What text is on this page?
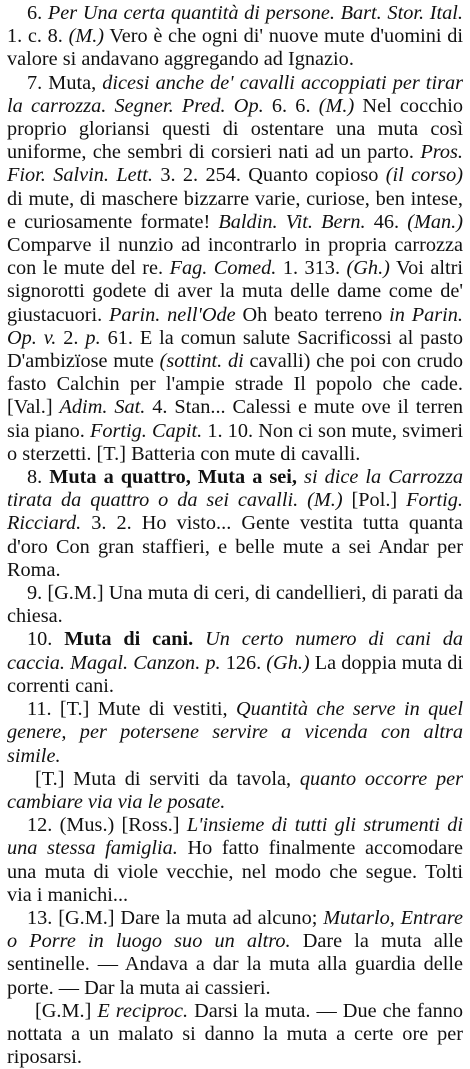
6. Per Una certa quantità di persone. Bart. Stor. Ital. 1. c. 8. (M.) Vero è che ogni di' nuove mute d'uomini di valore si andavano aggregando ad Ignazio.

7. Muta, dicesi anche de' cavalli accoppiati per tirar la carrozza. Segner. Pred. Op. 6. 6. (M.) Nel cocchio proprio gloriansi questi di ostentare una muta così uniforme, che sembri di corsieri nati ad un parto. Pros. Fior. Salvin. Lett. 3. 2. 254. Quanto copioso (il corso) di mute, di maschere bizzarre varie, curiose, ben intese, e curiosamente formate! Baldin. Vit. Bern. 46. (Man.) Comparve il nunzio ad incontrarlo in propria carrozza con le mute del re. Fag. Comed. 1. 313. (Gh.) Voi altri signorotti godete di aver la muta delle dame come de' giustacuori. Parin. nell'Ode Oh beato terreno in Parin. Op. v. 2. p. 61. E la comun salute Sacrificossi al pasto D'ambizïose mute (sottint. di cavalli) che poi con crudo fasto Calchin per l'ampie strade Il popolo che cade. [Val.] Adim. Sat. 4. Stan... Calessi e mute ove il terren sia piano. Fortig. Capit. 1. 10. Non ci son mute, svimeri o sterzetti. [T.] Batteria con mute di cavalli.

8. Muta a quattro, Muta a sei, si dice la Carrozza tirata da quattro o da sei cavalli. (M.) [Pol.] Fortig. Ricciard. 3. 2. Ho visto... Gente vestita tutta quanta d'oro Con gran staffieri, e belle mute a sei Andar per Roma.

9. [G.M.] Una muta di ceri, di candellieri, di parati da chiesa.

10. Muta di cani. Un certo numero di cani da caccia. Magal. Canzon. p. 126. (Gh.) La doppia muta di correnti cani.

11. [T.] Mute di vestiti, Quantità che serve in quel genere, per potersene servire a vicenda con altra simile.

[T.] Muta di serviti da tavola, quanto occorre per cambiare via via le posate.

12. (Mus.) [Ross.] L'insieme di tutti gli strumenti di una stessa famiglia. Ho fatto finalmente accomodare una muta di viole vecchie, nel modo che segue. Tolti via i manichi...

13. [G.M.] Dare la muta ad alcuno; Mutarlo, Entrare o Porre in luogo suo un altro. Dare la muta alle sentinelle. — Andava a dar la muta alla guardia delle porte. — Dar la muta ai cassieri.

[G.M.] E reciproc. Darsi la muta. — Due che fanno nottata a un malato si danno la muta a certe ore per riposarsi.
